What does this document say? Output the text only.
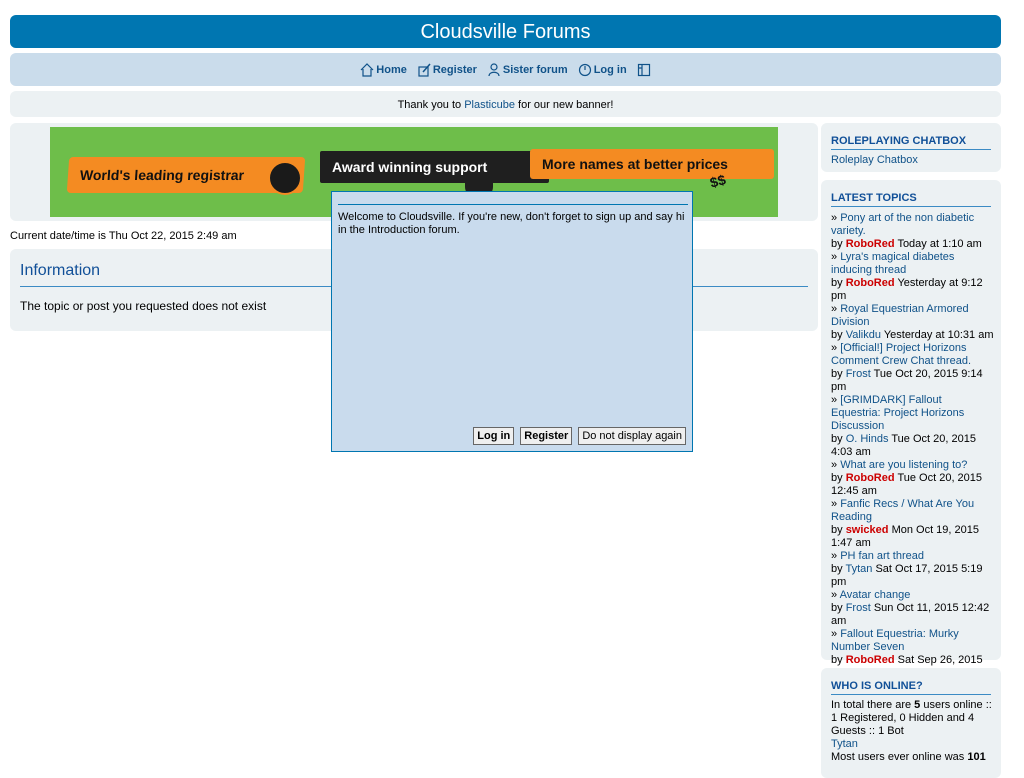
Cloudsville Forums
Home Register Sister forum Log in
Thank you to Plasticube for our new banner!
World's leading registrar	Award winning support	More names at better prices
$$
Current date/time is Thu Oct 22, 2015 2:49 am
Information
The topic or post you requested does not exist
ROLEPLAYING CHATBOX
Roleplay Chatbox
LATEST TOPICS
» Pony art of the non diabetic variety.
by RoboRed Today at 1:10 am
» Lyra's magical diabetes inducing thread
by RoboRed Yesterday at 9:12 pm
» Royal Equestrian Armored Division
by Valikdu Yesterday at 10:31 am
» [Official!] Project Horizons Comment Crew Chat thread.
by Frost Tue Oct 20, 2015 9:14 pm
» [GRIMDARK] Fallout Equestria: Project Horizons Discussion
by O. Hinds Tue Oct 20, 2015 4:03 am
» What are you listening to?
by RoboRed Tue Oct 20, 2015 12:45 am
» Fanfic Recs / What Are You Reading
by swicked Mon Oct 19, 2015 1:47 am
» PH fan art thread
by Tytan Sat Oct 17, 2015 5:19 pm
» Avatar change
by Frost Sun Oct 11, 2015 12:42 am
» Fallout Equestria: Murky Number Seven
by RoboRed Sat Sep 26, 2015
WHO IS ONLINE?
In total there are 5 users online :: 1 Registered, 0 Hidden and 4 Guests :: 1 Bot
Tytan
Most users ever online was 101
Welcome to Cloudsville. If you're new, don't forget to sign up and say hi in the Introduction forum.
Log in	Register	Do not display again
